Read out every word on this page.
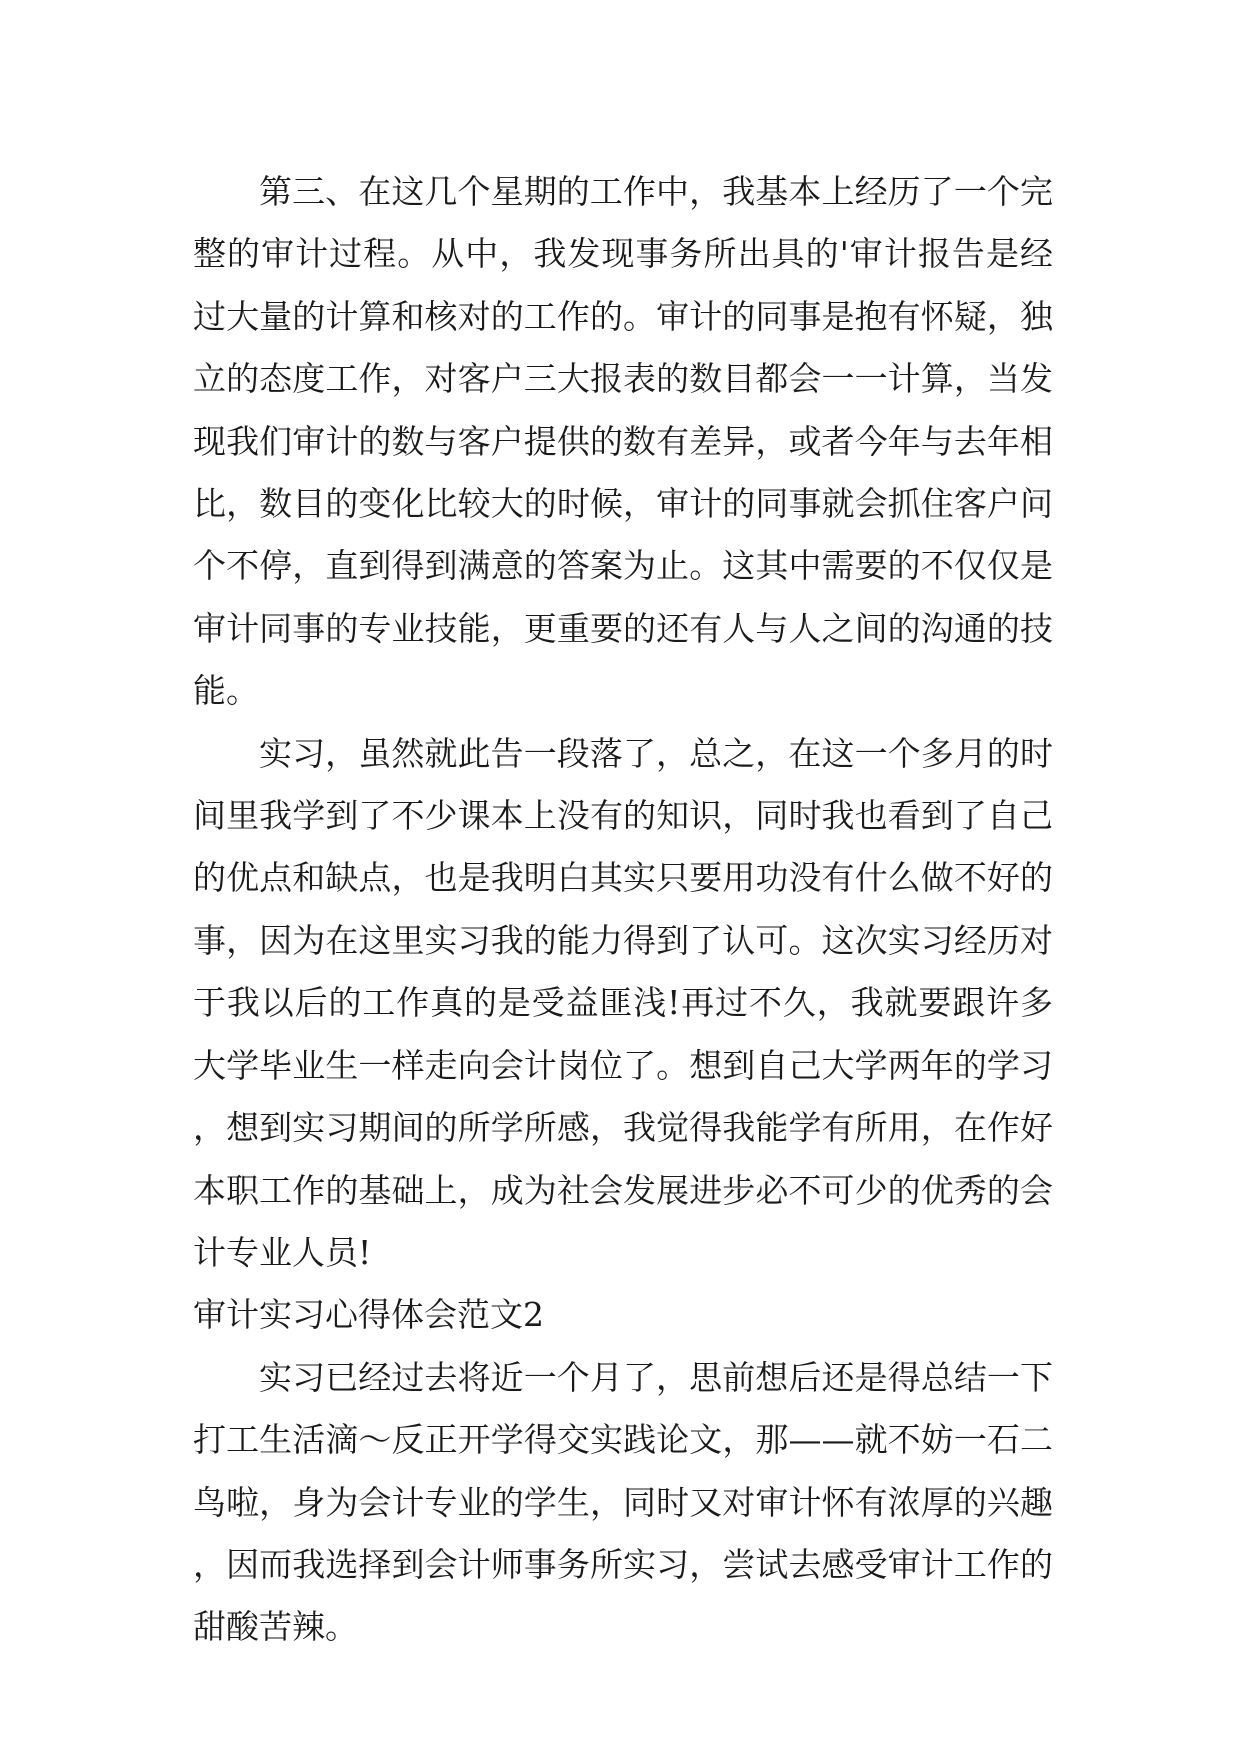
第三、在这几个星期的工作中，我基本上经历了一个完整的审计过程。从中，我发现事务所出具的'审计报告是经过大量的计算和核对的工作的。审计的同事是抱有怀疑，独立的态度工作，对客户三大报表的数目都会一一计算，当发现我们审计的数与客户提供的数有差异，或者今年与去年相比，数目的变化比较大的时候，审计的同事就会抓住客户问个不停，直到得到满意的答案为止。这其中需要的不仅仅是审计同事的专业技能，更重要的还有人与人之间的沟通的技能。

实习，虽然就此告一段落了，总之，在这一个多月的时间里我学到了不少课本上没有的知识，同时我也看到了自己的优点和缺点，也是我明白其实只要用功没有什么做不好的事，因为在这里实习我的能力得到了认可。这次实习经历对于我以后的工作真的是受益匪浅!再过不久，我就要跟许多大学毕业生一样走向会计岗位了。想到自己大学两年的学习，想到实习期间的所学所感，我觉得我能学有所用，在作好本职工作的基础上，成为社会发展进步必不可少的优秀的会计专业人员!

审计实习心得体会范文2

实习已经过去将近一个月了，思前想后还是得总结一下打工生活滴～反正开学得交实践论文，那——就不妨一石二鸟啦，身为会计专业的学生，同时又对审计怀有浓厚的兴趣，因而我选择到会计师事务所实习，尝试去感受审计工作的甜酸苦辣。
